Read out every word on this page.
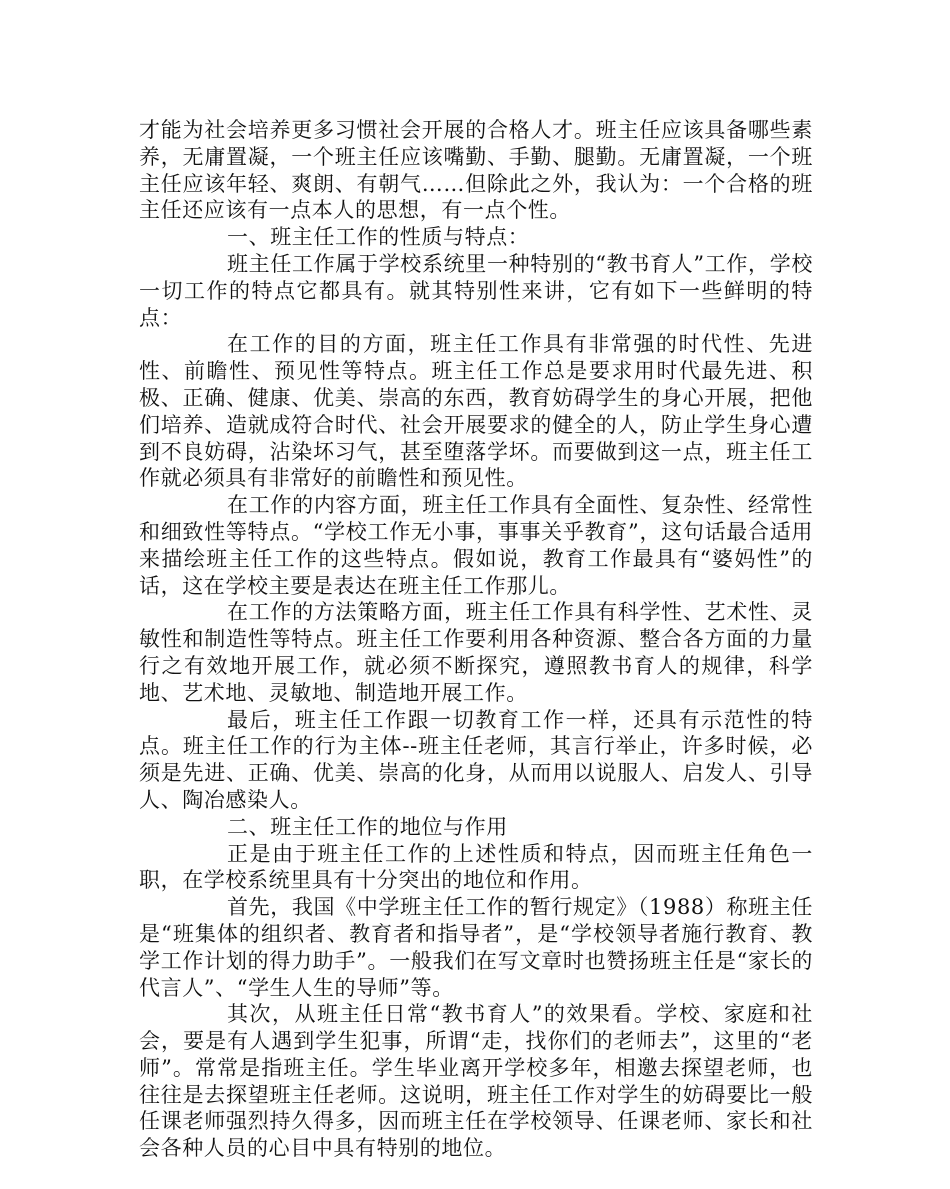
才能为社会培养更多习惯社会开展的合格人才。班主任应该具备哪些素养，无庸置凝，一个班主任应该嘴勤、手勤、腿勤。无庸置凝，一个班主任应该年轻、爽朗、有朝气……但除此之外，我认为：一个合格的班主任还应该有一点本人的思想，有一点个性。

一、班主任工作的性质与特点：

班主任工作属于学校系统里一种特别的“教书育人”工作，学校一切工作的特点它都具有。就其特别性来讲，它有如下一些鲜明的特点：

在工作的目的方面，班主任工作具有非常强的时代性、先进性、前瞻性、预见性等特点。班主任工作总是要求用时代最先进、积极、正确、健康、优美、崇高的东西，教育妨碍学生的身心开展，把他们培养、造就成符合时代、社会开展要求的健全的人，防止学生身心遭到不良妨碍，沾染坏习气，甚至堕落学坏。而要做到这一点，班主任工作就必须具有非常好的前瞻性和预见性。

在工作的内容方面，班主任工作具有全面性、复杂性、经常性和细致性等特点。“学校工作无小事，事事关乎教育”，这句话最合适用来描绘班主任工作的这些特点。假如说，教育工作最具有“婆妈性”的话，这在学校主要是表达在班主任工作那儿。

在工作的方法策略方面，班主任工作具有科学性、艺术性、灵敏性和制造性等特点。班主任工作要利用各种资源、整合各方面的力量行之有效地开展工作，就必须不断探究，遵照教书育人的规律，科学地、艺术地、灵敏地、制造地开展工作。

最后，班主任工作跟一切教育工作一样，还具有示范性的特点。班主任工作的行为主体--班主任老师，其言行举止，许多时候，必须是先进、正确、优美、崇高的化身，从而用以说服人、启发人、引导人、陶冶感染人。

二、班主任工作的地位与作用

正是由于班主任工作的上述性质和特点，因而班主任角色一职，在学校系统里具有十分突出的地位和作用。

首先，我国《中学班主任工作的暂行规定》（1988）称班主任是“班集体的组织者、教育者和指导者”，是“学校领导者施行教育、教学工作计划的得力助手”。一般我们在写文章时也赞扬班主任是“家长的代言人”、“学生人生的导师”等。

其次，从班主任日常“教书育人”的效果看。学校、家庭和社会，要是有人遇到学生犯事，所谓“走，找你们的老师去”，这里的“老师”。常常是指班主任。学生毕业离开学校多年，相邀去探望老师，也往往是去探望班主任老师。这说明，班主任工作对学生的妨碍要比一般任课老师强烈持久得多，因而班主任在学校领导、任课老师、家长和社会各种人员的心目中具有特别的地位。
